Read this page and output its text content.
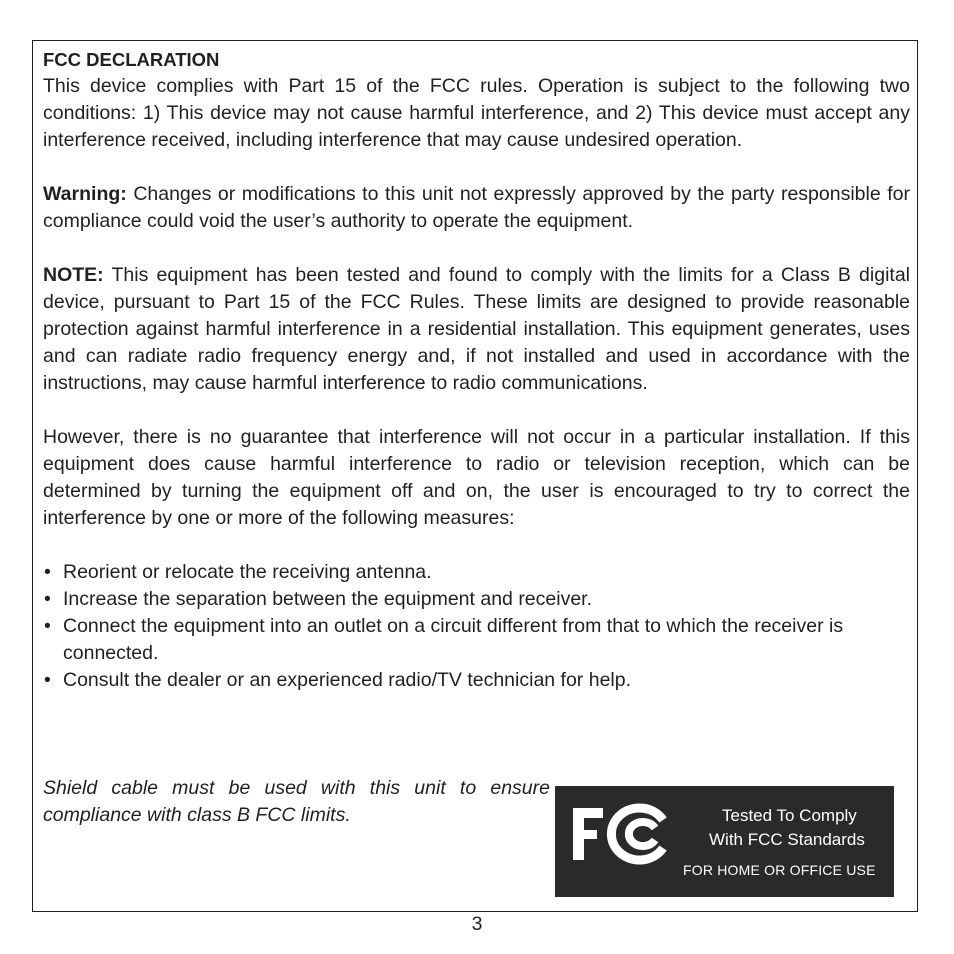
FCC DECLARATION

This device complies with Part 15 of the FCC rules. Operation is subject to the following two conditions: 1) This device may not cause harmful interference, and 2) This device must accept any interference received, including interference that may cause undesired operation.

Warning: Changes or modifications to this unit not expressly approved by the party responsible for compliance could void the user’s authority to operate the equipment.

NOTE: This equipment has been tested and found to comply with the limits for a Class B digital device, pursuant to Part 15 of the FCC Rules. These limits are designed to provide reasonable protection against harmful interference in a residential installation. This equipment generates, uses and can radiate radio frequency energy and, if not installed and used in accordance with the instructions, may cause harmful interference to radio communications.

However, there is no guarantee that interference will not occur in a particular installation. If this equipment does cause harmful interference to radio or television reception, which can be determined by turning the equipment off and on, the user is encouraged to try to correct the interference by one or more of the following measures:

• Reorient or relocate the receiving antenna.
• Increase the separation between the equipment and receiver.
• Connect the equipment into an outlet on a circuit different from that to which the receiver is connected.
• Consult the dealer or an experienced radio/TV technician for help.
Shield cable must be used with this unit to ensure compliance with class B FCC limits.	Tested To Comply
With FCC Standards
FOR HOME OR OFFICE USE
3
